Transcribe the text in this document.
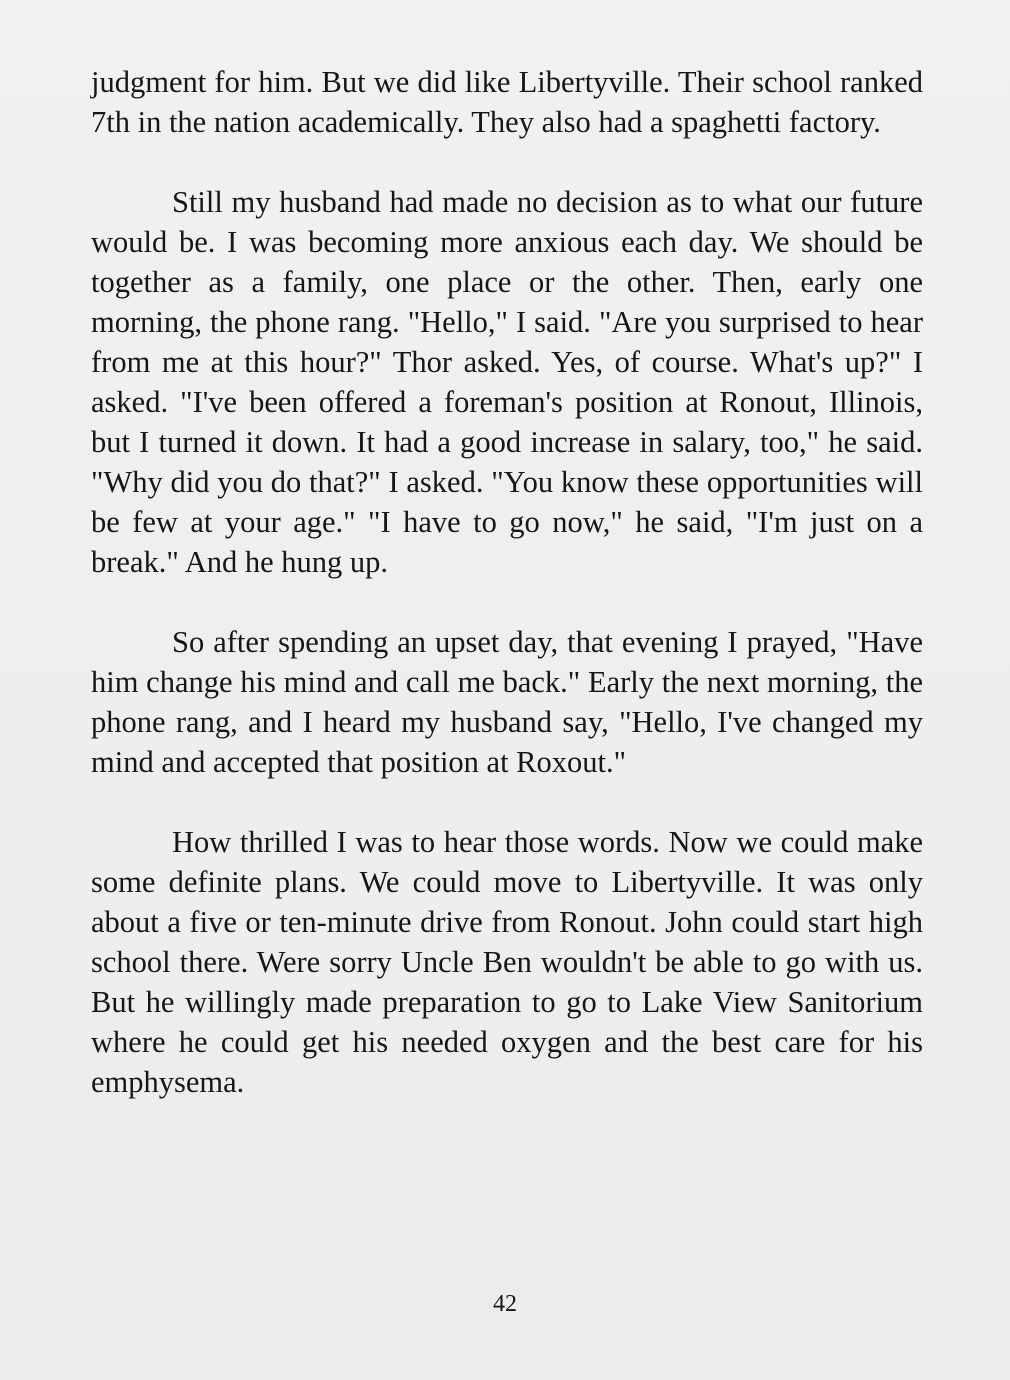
judgment for him. But we did like Libertyville. Their school ranked 7th in the nation academically. They also had a spaghetti factory.

Still my husband had made no decision as to what our future would be. I was becoming more anxious each day. We should be together as a family, one place or the other. Then, early one morning, the phone rang. "Hello," I said. "Are you surprised to hear from me at this hour?" Thor asked. Yes, of course. What's up?" I asked. "I've been offered a foreman's position at Ronout, Illinois, but I turned it down. It had a good increase in salary, too," he said. "Why did you do that?" I asked. "You know these opportunities will be few at your age." "I have to go now," he said, "I'm just on a break." And he hung up.

So after spending an upset day, that evening I prayed, "Have him change his mind and call me back." Early the next morning, the phone rang, and I heard my husband say, "Hello, I've changed my mind and accepted that position at Roxout."

How thrilled I was to hear those words. Now we could make some definite plans. We could move to Libertyville. It was only about a five or ten-minute drive from Ronout. John could start high school there. Were sorry Uncle Ben wouldn't be able to go with us. But he willingly made preparation to go to Lake View Sanitorium where he could get his needed oxygen and the best care for his emphysema.

42
